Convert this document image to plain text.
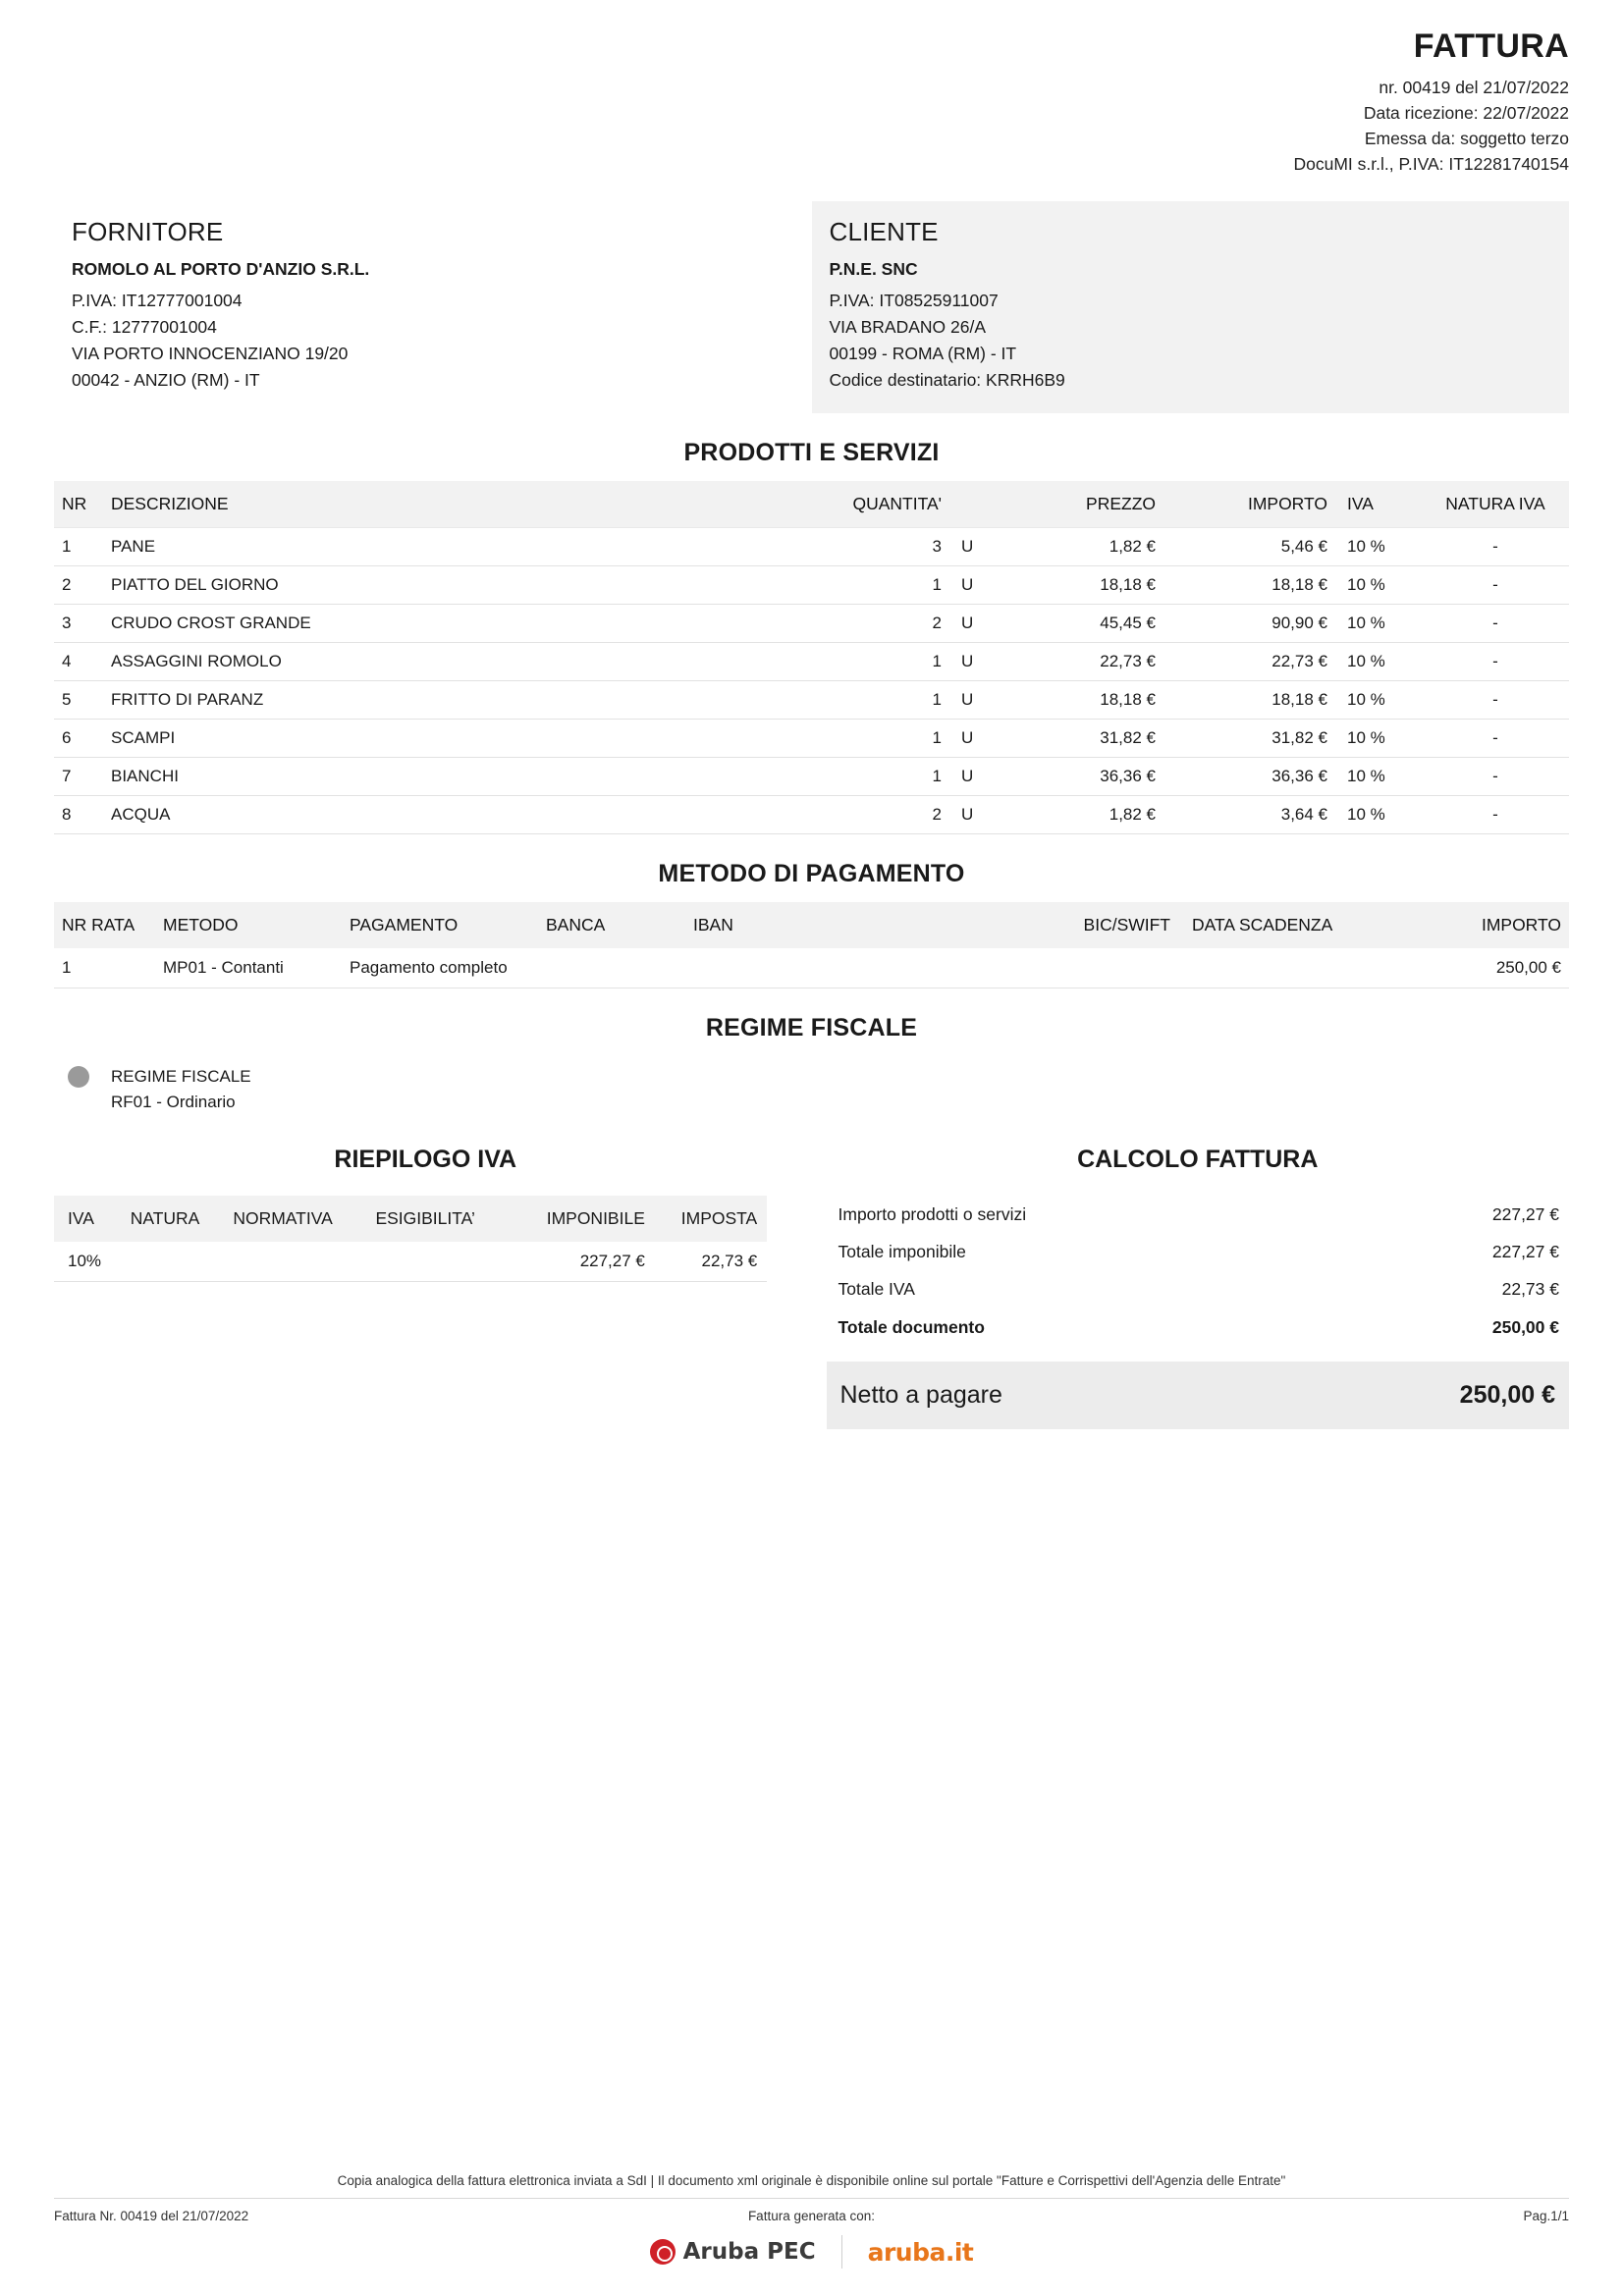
FATTURA
nr. 00419 del 21/07/2022
Data ricezione: 22/07/2022
Emessa da: soggetto terzo
DocuMI s.r.l., P.IVA: IT12281740154
FORNITORE
ROMOLO AL PORTO D'ANZIO S.R.L.
P.IVA: IT12777001004
C.F.: 12777001004
VIA PORTO INNOCENZIANO 19/20
00042 - ANZIO (RM) - IT
CLIENTE
P.N.E. SNC
P.IVA: IT08525911007
VIA BRADANO 26/A
00199 - ROMA (RM) - IT
Codice destinatario: KRRH6B9
PRODOTTI E SERVIZI
NR	DESCRIZIONE	QUANTITA'		PREZZO	IMPORTO	IVA	NATURA IVA
1	PANE	3	U	1,82 €	5,46 €	10 %	-
2	PIATTO DEL GIORNO	1	U	18,18 €	18,18 €	10 %	-
3	CRUDO CROST GRANDE	2	U	45,45 €	90,90 €	10 %	-
4	ASSAGGINI ROMOLO	1	U	22,73 €	22,73 €	10 %	-
5	FRITTO DI PARANZ	1	U	18,18 €	18,18 €	10 %	-
6	SCAMPI	1	U	31,82 €	31,82 €	10 %	-
7	BIANCHI	1	U	36,36 €	36,36 €	10 %	-
8	ACQUA	2	U	1,82 €	3,64 €	10 %	-
METODO DI PAGAMENTO
NR RATA	METODO	PAGAMENTO	BANCA	IBAN	BIC/SWIFT	DATA SCADENZA	IMPORTO
1	MP01 - Contanti	Pagamento completo					250,00 €
REGIME FISCALE
REGIME FISCALE
RF01 - Ordinario
RIEPILOGO IVA
IVA	NATURA	NORMATIVA	ESIGIBILITA’	IMPONIBILE	IMPOSTA
10%				227,27 €	22,73 €
CALCOLO FATTURA
Importo prodotti o servizi	227,27 €
Totale imponibile	227,27 €
Totale IVA	22,73 €
Totale documento	250,00 €
Netto a pagare	250,00 €
Copia analogica della fattura elettronica inviata a SdI | Il documento xml originale è disponibile online sul portale "Fatture e Corrispettivi dell'Agenzia delle Entrate"
Fattura Nr. 00419 del 21/07/2022	Fattura generata con:	Pag.1/1
Aruba PEC aruba.it
